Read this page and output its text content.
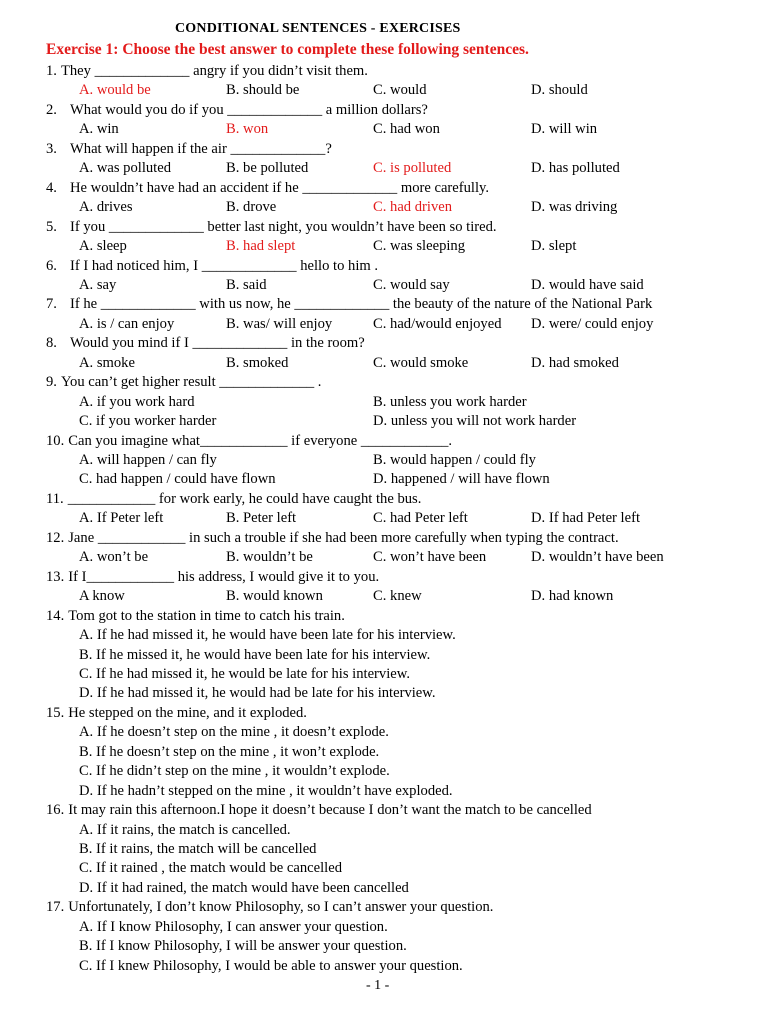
CONDITIONAL SENTENCES - EXERCISES
Exercise 1: Choose the best answer to complete these following sentences.
1. They _____________ angry if you didn’t visit them.
A. would be	B. should be	C. would	D. should
2. What would you do if you _____________ a million dollars?
A. win	B. won	C. had won	D. will win
3. What will happen if the air _____________?
A. was polluted	B. be polluted	C. is polluted	D. has polluted
4. He wouldn’t have had an accident if he _____________ more carefully.
A. drives	B. drove	C. had driven	D. was driving
5. If you _____________ better last night, you wouldn’t have been so tired.
A. sleep	B. had slept	C. was sleeping	D. slept
6. If I had noticed him, I _____________ hello to him .
A. say	B. said	C. would say	D. would have said
7. If he _____________ with us now, he _____________ the beauty of the nature of the National Park
A. is / can enjoy	B. was/ will enjoy	C. had/would enjoyed D. were/ could enjoy
8. Would you mind if I _____________ in the room?
A. smoke	B. smoked	C. would smoke	D. had smoked
9. You can’t get higher result _____________ .
A. if you work hard	B. unless you work harder
C. if you worker harder	D. unless you will not work harder
10. Can you imagine what____________ if everyone ____________.
A. will happen / can fly	B. would happen / could fly
C. had happen / could have flown	D. happened / will have flown
11. ____________ for work early, he could have caught the bus.
A. If Peter left	B. Peter left	C. had Peter left	D. If had Peter left
12. Jane ____________ in such a trouble if she had been more carefully when typing the contract.
A. won’t be	B. wouldn’t be	C. won’t have been	D. wouldn’t have been
13. If I____________ his address, I would give it to you.
A know	B. would known	C. knew	D. had known
14. Tom got to the station in time to catch his train.
A. If he had missed it, he would have been late for his interview.
B. If he missed it, he would have been late for his interview.
C. If he had missed it, he would be late for his interview.
D. If he had missed it, he would had be late for his interview.
15. He stepped on the mine, and it exploded.
A. If he doesn’t step on the mine , it doesn’t explode.
B. If he doesn’t step on the mine , it won’t explode.
C. If he didn’t step on the mine , it wouldn’t explode.
D. If he hadn’t stepped on the mine , it wouldn’t have exploded.
16. It may rain this afternoon.I hope it doesn’t because I don’t want the match to be cancelled
A. If it rains, the match is cancelled.
B. If it rains, the match will be cancelled
C. If it rained , the match would be cancelled
D. If it had rained, the match would have been cancelled
17. Unfortunately, I don’t know Philosophy, so I can’t answer your question.
A. If I know Philosophy, I can answer your question.
B. If I know Philosophy, I will be answer your question.
C. If I knew Philosophy, I would be able to answer your question.
- 1 -
